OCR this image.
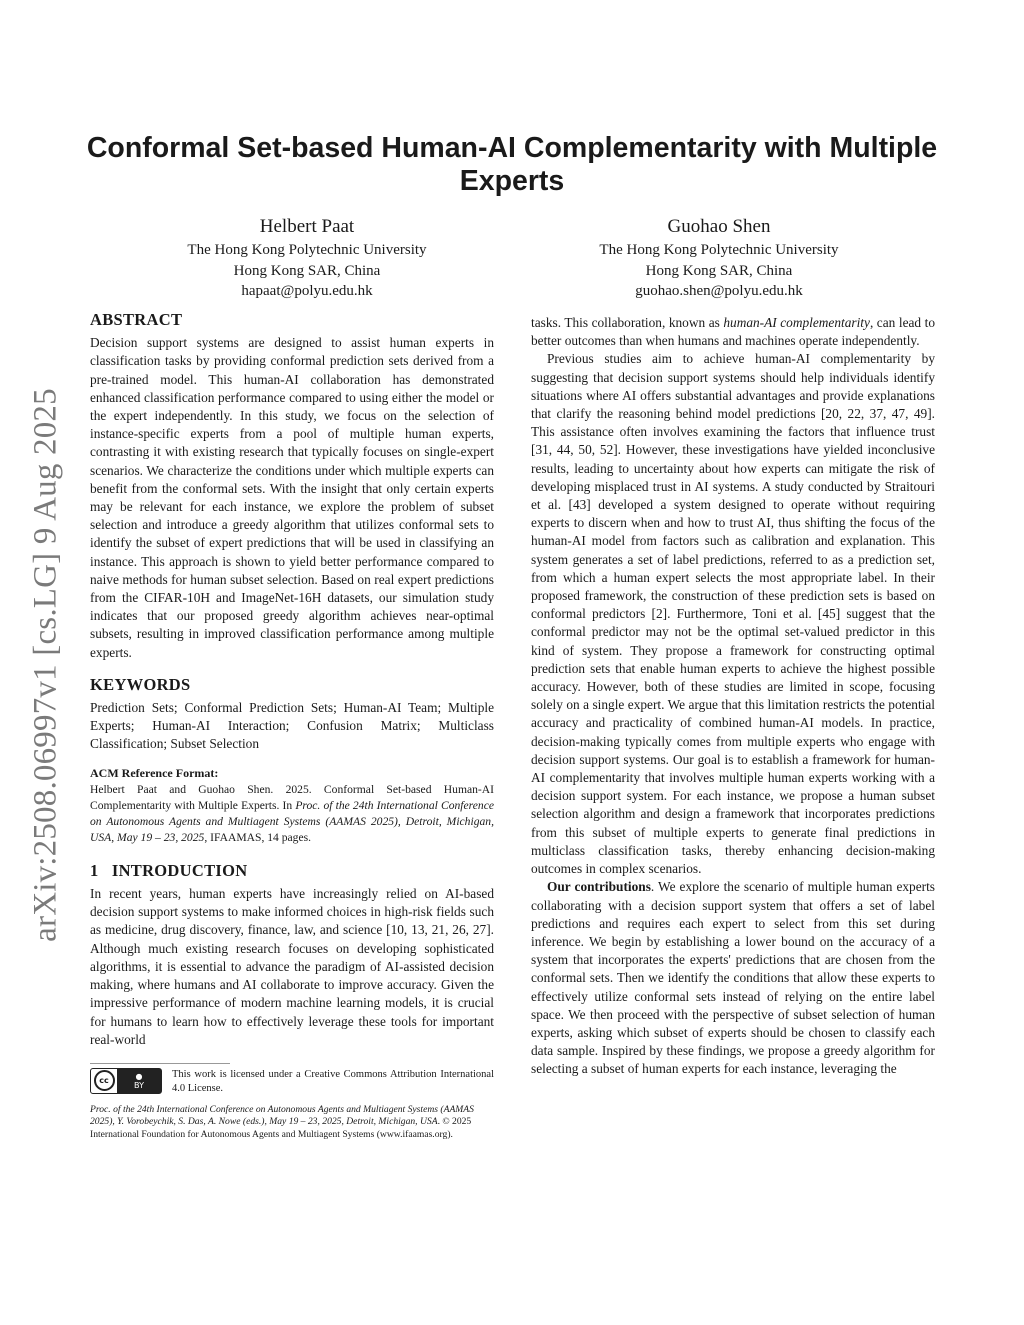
arXiv:2508.06997v1 [cs.LG] 9 Aug 2025
Conformal Set-based Human-AI Complementarity with Multiple Experts
Helbert Paat
The Hong Kong Polytechnic University
Hong Kong SAR, China
hapaat@polyu.edu.hk
Guohao Shen
The Hong Kong Polytechnic University
Hong Kong SAR, China
guohao.shen@polyu.edu.hk
ABSTRACT

Decision support systems are designed to assist human experts in classification tasks by providing conformal prediction sets derived from a pre-trained model. This human-AI collaboration has demonstrated enhanced classification performance compared to using either the model or the expert independently. In this study, we focus on the selection of instance-specific experts from a pool of multiple human experts, contrasting it with existing research that typically focuses on single-expert scenarios. We characterize the conditions under which multiple experts can benefit from the conformal sets. With the insight that only certain experts may be relevant for each instance, we explore the problem of subset selection and introduce a greedy algorithm that utilizes conformal sets to identify the subset of expert predictions that will be used in classifying an instance. This approach is shown to yield better performance compared to naive methods for human subset selection. Based on real expert predictions from the CIFAR-10H and ImageNet-16H datasets, our simulation study indicates that our proposed greedy algorithm achieves near-optimal subsets, resulting in improved classification performance among multiple experts.

KEYWORDS

Prediction Sets; Conformal Prediction Sets; Human-AI Team; Multiple Experts; Human-AI Interaction; Confusion Matrix; Multiclass Classification; Subset Selection

ACM Reference Format:

Helbert Paat and Guohao Shen. 2025. Conformal Set-based Human-AI Complementarity with Multiple Experts. In Proc. of the 24th International Conference on Autonomous Agents and Multiagent Systems (AAMAS 2025), Detroit, Michigan, USA, May 19 – 23, 2025, IFAAMAS, 14 pages.

1 INTRODUCTION

In recent years, human experts have increasingly relied on AI-based decision support systems to make informed choices in high-risk fields such as medicine, drug discovery, finance, law, and science [10, 13, 21, 26, 27]. Although much existing research focuses on developing sophisticated algorithms, it is essential to advance the paradigm of AI-assisted decision making, where humans and AI collaborate to improve accuracy. Given the impressive performance of modern machine learning models, it is crucial for humans to learn how to effectively leverage these tools for important real-world

cc	●
BY
This work is licensed under a Creative Commons Attribution International 4.0 License.

Proc. of the 24th International Conference on Autonomous Agents and Multiagent Systems (AAMAS 2025), Y. Vorobeychik, S. Das, A. Nowe (eds.), May 19 – 23, 2025, Detroit, Michigan, USA. © 2025 International Foundation for Autonomous Agents and Multiagent Systems (www.ifaamas.org).

tasks. This collaboration, known as human-AI complementarity, can lead to better outcomes than when humans and machines operate independently.

Previous studies aim to achieve human-AI complementarity by suggesting that decision support systems should help individuals identify situations where AI offers substantial advantages and provide explanations that clarify the reasoning behind model predictions [20, 22, 37, 47, 49]. This assistance often involves examining the factors that influence trust [31, 44, 50, 52]. However, these investigations have yielded inconclusive results, leading to uncertainty about how experts can mitigate the risk of developing misplaced trust in AI systems. A study conducted by Straitouri et al. [43] developed a system designed to operate without requiring experts to discern when and how to trust AI, thus shifting the focus of the human-AI model from factors such as calibration and explanation. This system generates a set of label predictions, referred to as a prediction set, from which a human expert selects the most appropriate label. In their proposed framework, the construction of these prediction sets is based on conformal predictors [2]. Furthermore, Toni et al. [45] suggest that the conformal predictor may not be the optimal set-valued predictor in this kind of system. They propose a framework for constructing optimal prediction sets that enable human experts to achieve the highest possible accuracy. However, both of these studies are limited in scope, focusing solely on a single expert. We argue that this limitation restricts the potential accuracy and practicality of combined human-AI models. In practice, decision-making typically comes from multiple experts who engage with decision support systems. Our goal is to establish a framework for human-AI complementarity that involves multiple human experts working with a decision support system. For each instance, we propose a human subset selection algorithm and design a framework that incorporates predictions from this subset of multiple experts to generate final predictions in multiclass classification tasks, thereby enhancing decision-making outcomes in complex scenarios.

Our contributions. We explore the scenario of multiple human experts collaborating with a decision support system that offers a set of label predictions and requires each expert to select from this set during inference. We begin by establishing a lower bound on the accuracy of a system that incorporates the experts' predictions that are chosen from the conformal sets. Then we identify the conditions that allow these experts to effectively utilize conformal sets instead of relying on the entire label space. We then proceed with the perspective of subset selection of human experts, asking which subset of experts should be chosen to classify each data sample. Inspired by these findings, we propose a greedy algorithm for selecting a subset of human experts for each instance, leveraging the
